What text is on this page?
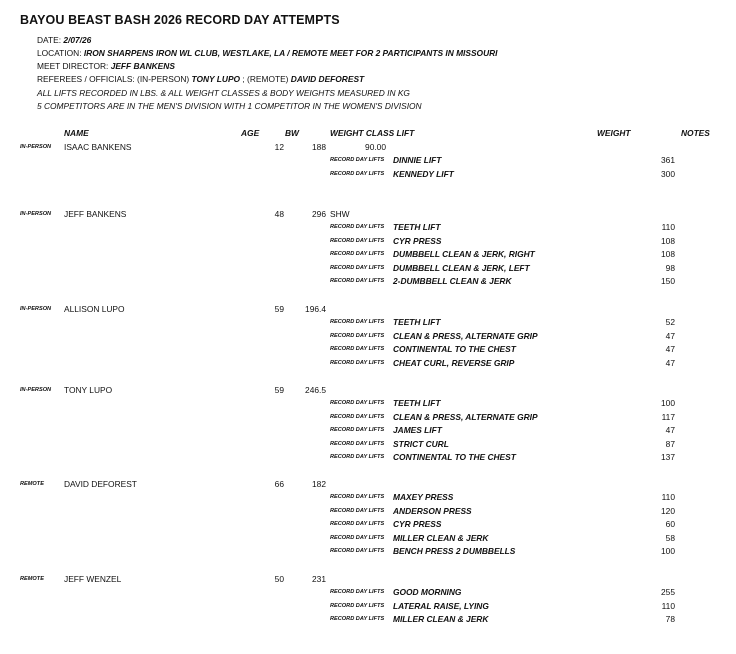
BAYOU BEAST BASH 2026 RECORD DAY ATTEMPTS
DATE: 2/07/26
LOCATION: IRON SHARPENS IRON WL CLUB, WESTLAKE, LA / REMOTE MEET FOR 2 PARTICIPANTS IN MISSOURI
MEET DIRECTOR: JEFF BANKENS
REFEREES / OFFICIALS: (IN-PERSON) TONY LUPO ; (REMOTE) DAVID DEFOREST
ALL LIFTS RECORDED IN LBS. & ALL WEIGHT CLASSES & BODY WEIGHTS MEASURED IN KG
5 COMPETITORS ARE IN THE MEN'S DIVISION WITH 1 COMPETITOR IN THE WOMEN'S DIVISION
NAME	AGE	BW	WEIGHT CLASS LIFT	WEIGHT	NOTES
IN-PERSON ISAAC BANKENS	12	188	90.00
RECORD DAY LIFTS DINNIE LIFT	361
RECORD DAY LIFTS KENNEDY LIFT	300
IN-PERSON JEFF BANKENS	48	296 SHW
RECORD DAY LIFTS TEETH LIFT	110
RECORD DAY LIFTS CYR PRESS	108
RECORD DAY LIFTS DUMBBELL CLEAN & JERK, RIGHT	108
RECORD DAY LIFTS DUMBBELL CLEAN & JERK, LEFT	98
RECORD DAY LIFTS 2-DUMBBELL CLEAN & JERK	150
IN-PERSON ALLISON LUPO	59	196.4
RECORD DAY LIFTS TEETH LIFT	52
RECORD DAY LIFTS CLEAN & PRESS, ALTERNATE GRIP	47
RECORD DAY LIFTS CONTINENTAL TO THE CHEST	47
RECORD DAY LIFTS CHEAT CURL, REVERSE GRIP	47
IN-PERSON TONY LUPO	59	246.5
RECORD DAY LIFTS TEETH LIFT	100
RECORD DAY LIFTS CLEAN & PRESS, ALTERNATE GRIP	117
RECORD DAY LIFTS JAMES LIFT	47
RECORD DAY LIFTS STRICT CURL	87
RECORD DAY LIFTS CONTINENTAL TO THE CHEST	137
REMOTE DAVID DEFOREST	66	182
RECORD DAY LIFTS MAXEY PRESS	110
RECORD DAY LIFTS ANDERSON PRESS	120
RECORD DAY LIFTS CYR PRESS	60
RECORD DAY LIFTS MILLER CLEAN & JERK	58
RECORD DAY LIFTS BENCH PRESS 2 DUMBBELLS	100
REMOTE JEFF WENZEL	50	231
RECORD DAY LIFTS GOOD MORNING	255
RECORD DAY LIFTS LATERAL RAISE, LYING	110
RECORD DAY LIFTS MILLER CLEAN & JERK	78
